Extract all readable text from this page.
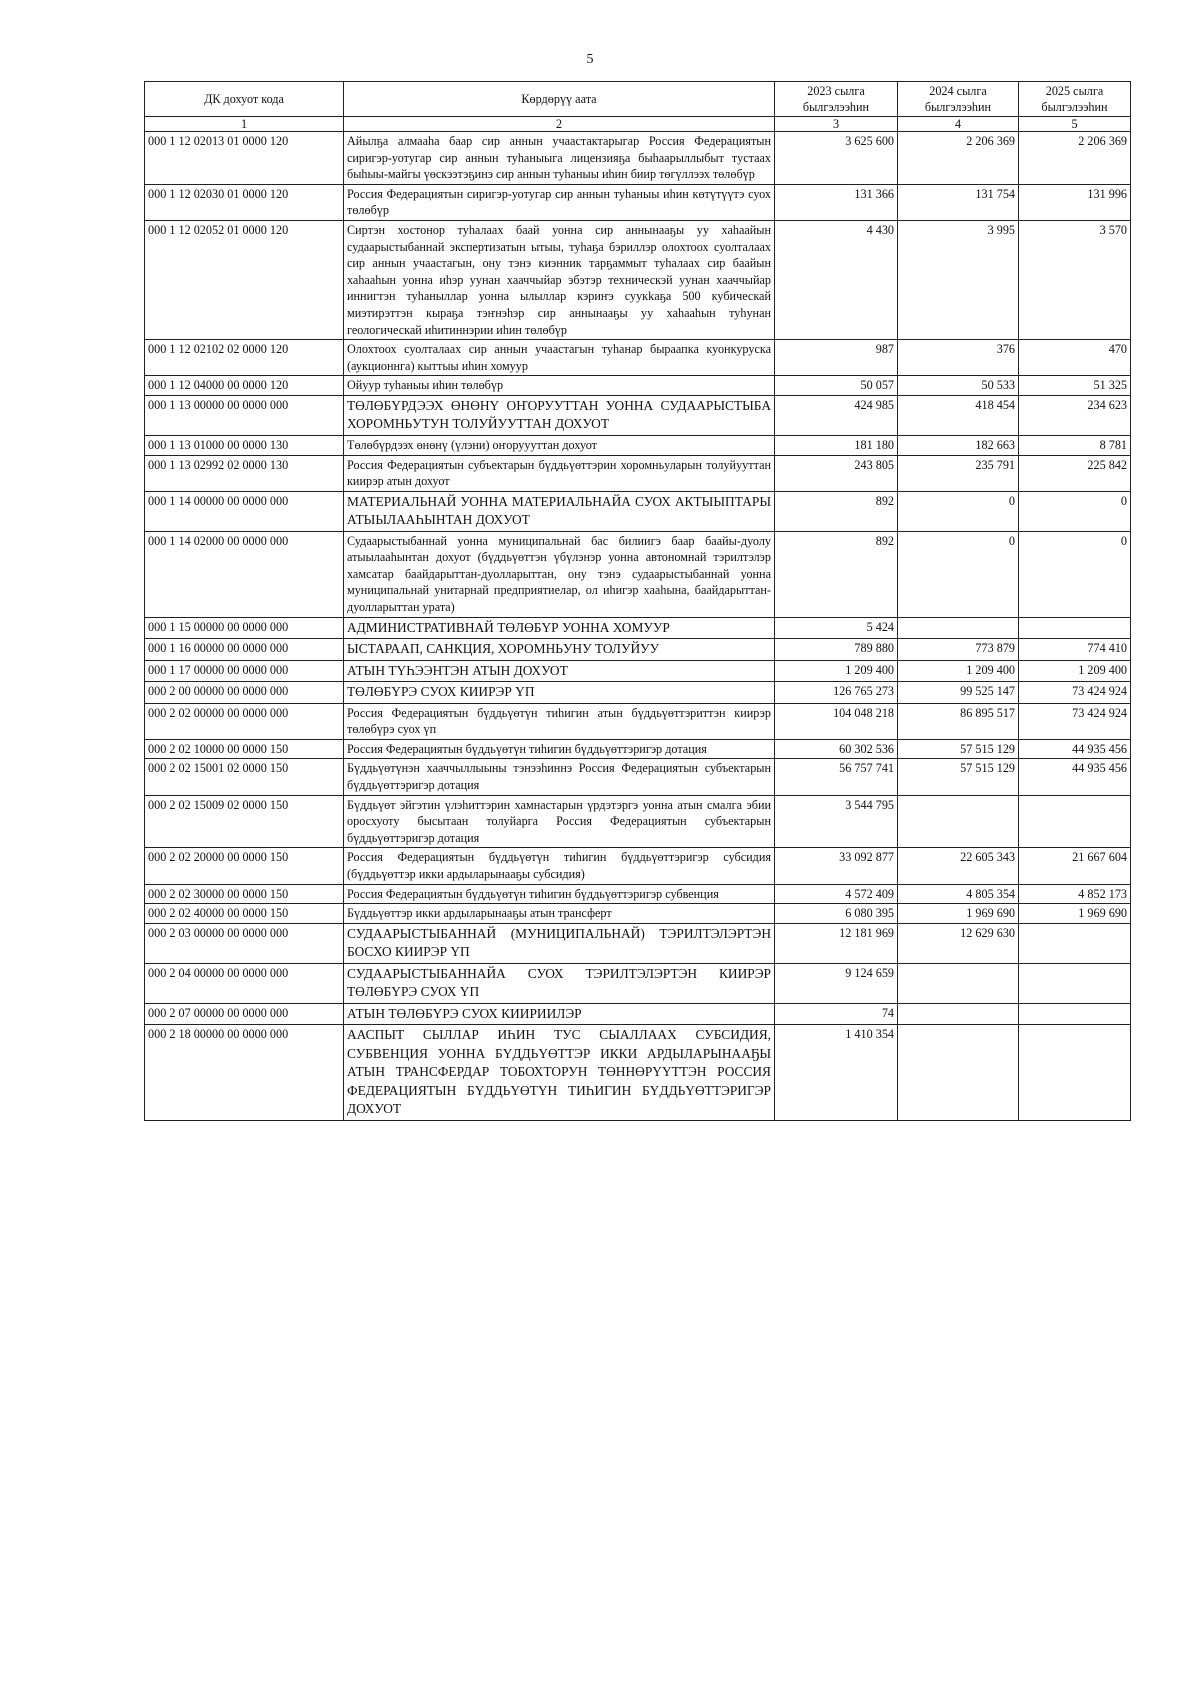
5
ДК дохуот кода	Көрдөрүү аата	2023 сылга былгэлээһин	2024 сылга былгэлээһин	2025 сылга былгэлээһин
1	2	3	4	5
000 1 12 02013 01 0000 120	Айылҕа алмааһа баар сир аннын учаастактарыгар Россия Федерациятын сиригэр-уотугар сир аннын туһаныыга лицензияҕа быһаарыллыбыт тустаах быһыы-майгы үөскээтэҕинэ сир аннын туһаныы иһин биир төгүллээх төлөбүр	3 625 600	2 206 369	2 206 369
000 1 12 02030 01 0000 120	Россия Федерациятын сиригэр-уотугар сир аннын туһаныы иһин көтүтүүтэ суох төлөбүр	131 366	131 754	131 996
000 1 12 02052 01 0000 120	Сиртэн хостонор туһалаах баай уонна сир аннынааҕы уу хаһаайын судаарыстыбаннай экспертизатын ытыы, туһаҕа бэриллэр олохтоох суолталаах сир аннын учаастагын, ону тэнэ киэнник тарҕаммыт туһалаах сир баайын хаһааһын уонна иһэр уунан хааччыйар эбэтэр техническэй уунан хааччыйар иннигтэн туһаныллар уонна ылыллар кэриҥэ суукkаҕа 500 кубическай миэтирэттэн кыраҕа тэҥнэһэр сир аннынааҕы уу хаһааһын туһунан геологическай иһитиннэрии иһин төлөбүр	4 430	3 995	3 570
000 1 12 02102 02 0000 120	Олохтоох суолталаах сир аннын учаастагын туһанар быраапка куонкуруска (аукционнга) кыттыы иһин хомуур	987	376	470
000 1 12 04000 00 0000 120	Ойуур туһаныы иһин төлөбүр	50 057	50 533	51 325
000 1 13 00000 00 0000 000	ТӨЛӨБҮРДЭЭХ ӨНӨНҮ ОҤОРУУТТАН УОННА СУДААРЫСТЫБА ХОРОМНЬУТУН ТОЛУЙУУТТАН ДОХУОТ	424 985	418 454	234 623
000 1 13 01000 00 0000 130	Төлөбүрдээх өнөнү (үлэни) оҥоруууттан дохуот	181 180	182 663	8 781
000 1 13 02992 02 0000 130	Россия Федерациятын субъектарын бүддьүөттэрин хоромньуларын толуйууттан киирэр атын дохуот	243 805	235 791	225 842
000 1 14 00000 00 0000 000	МАТЕРИАЛЬНАЙ УОННА МАТЕРИАЛЬНАЙА СУОХ АКТЫЫПТАРЫ АТЫЫЛААҺЫНТАН ДОХУОТ	892	0	0
000 1 14 02000 00 0000 000	Судаарыстыбаннай уонна муниципальнай бас билиигэ баар баайы-дуолу атыылааһынтан дохуот (бүддьүөттэн үбүлэнэр уонна автономнай тэрилтэлэр хамсатар баайдарыттан-дуолларыттан, ону тэнэ судаарыстыбаннай уонна муниципальнай унитарнай предприятиелар, ол иһигэр хааһына, баайдарыттан-дуолларыттан уратa)	892	0	0
000 1 15 00000 00 0000 000	АДМИНИСТРАТИВНАЙ ТӨЛӨБҮР УОННА ХОМУУР	5 424		
000 1 16 00000 00 0000 000	ЫСТАРААП, САНКЦИЯ, ХОРОМНЬУНУ ТОЛУЙУУ	789 880	773 879	774 410
000 1 17 00000 00 0000 000	АТЫН ТҮҺЭЭНТЭН АТЫН ДОХУОТ	1 209 400	1 209 400	1 209 400
000 2 00 00000 00 0000 000	ТӨЛӨБҮРЭ СУОХ КИИРЭР ҮП	126 765 273	99 525 147	73 424 924
000 2 02 00000 00 0000 000	Россия Федерациятын бүддьүөтүн тиһигин атын бүддьүөттэриттэн киирэр төлөбүрэ суох үп	104 048 218	86 895 517	73 424 924
000 2 02 10000 00 0000 150	Россия Федерациятын бүддьүөтүн тиһигин бүддьүөттэригэр дотация	60 302 536	57 515 129	44 935 456
000 2 02 15001 02 0000 150	Бүддьүөтүнэн хааччыллыыны тэнээһиннэ Россия Федерациятын субъектарын бүддьүөттэригэр дотация	56 757 741	57 515 129	44 935 456
000 2 02 15009 02 0000 150	Бүддьүөт эйгэтин үлэһиттэрин хамнастарын үрдэтэргэ уонна атын смалга эбии оросхуоту бысытаан толуйарга Россия Федерациятын субъектарын бүддьүөттэригэр дотация	3 544 795		
000 2 02 20000 00 0000 150	Россия Федерациятын бүддьүөтүн тиһигин бүддьүөттэригэр субсидия (бүддьүөттэр икки ардыларынааҕы субсидия)	33 092 877	22 605 343	21 667 604
000 2 02 30000 00 0000 150	Россия Федерациятын бүддьүөтүн тиһигин бүддьүөттэригэр субвенция	4 572 409	4 805 354	4 852 173
000 2 02 40000 00 0000 150	Бүддьүөттэр икки ардыларынааҕы атын трансферт	6 080 395	1 969 690	1 969 690
000 2 03 00000 00 0000 000	СУДААРЫСТЫБАННАЙ (МУНИЦИПАЛЬНАЙ) ТЭРИЛТЭЛЭРТЭН БОСХО КИИРЭР ҮП	12 181 969	12 629 630	
000 2 04 00000 00 0000 000	СУДААРЫСТЫБАННАЙА СУОХ ТЭРИЛТЭЛЭРТЭН КИИРЭР ТӨЛӨБҮРЭ СУОХ ҮП	9 124 659		
000 2 07 00000 00 0000 000	АТЫН ТӨЛӨБҮРЭ СУОХ КИИРИИЛЭР	74		
000 2 18 00000 00 0000 000	ААСПЫТ СЫЛЛАР ИҺИН ТУС СЫАЛЛААХ СУБСИДИЯ, СУБВЕНЦИЯ УОННА БҮДДЬҮӨТТЭР ИККИ АРДЫЛАРЫНААҔЫ АТЫН ТРАНСФЕРДАР ТОБОХТОРУН ТӨННӨРҮҮТТЭН РОССИЯ ФЕДЕРАЦИЯТЫН БҮДДЬҮӨТҮН ТИҺИГИН БҮДДЬҮӨТТЭРИГЭР ДОХУОТ	1 410 354		
